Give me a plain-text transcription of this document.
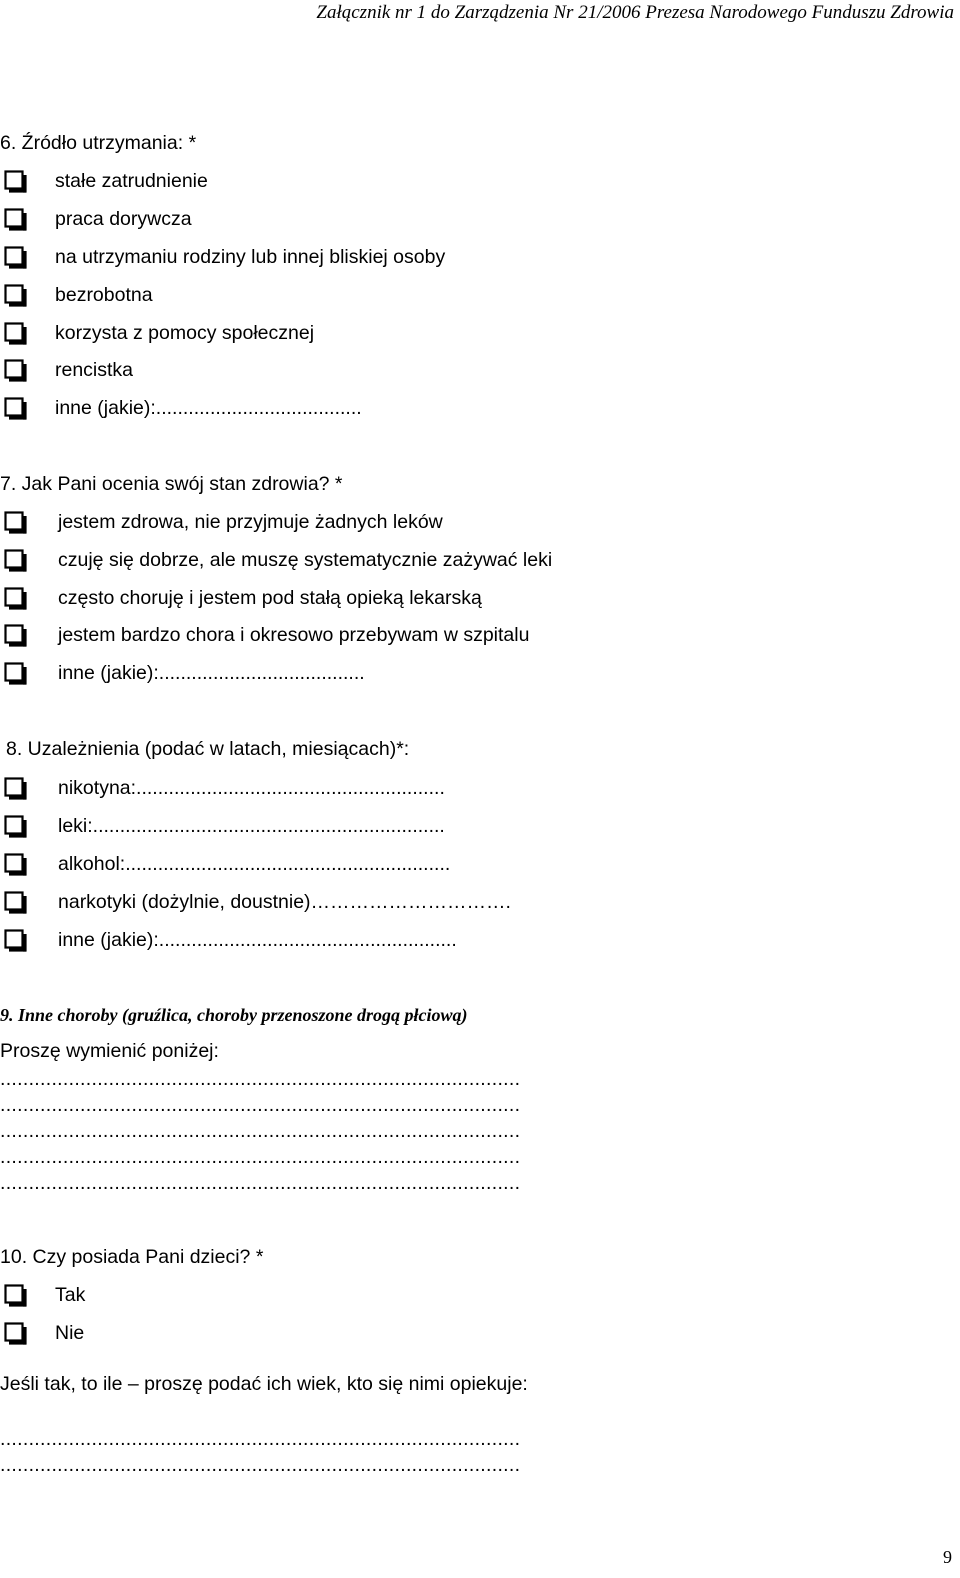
Załącznik nr 1 do Zarządzenia Nr 21/2006 Prezesa Narodowego Funduszu Zdrowia
6. Źródło utrzymania: *
stałe zatrudnienie
praca dorywcza
na utrzymaniu rodziny lub innej bliskiej osoby
bezrobotna
korzysta z pomocy społecznej
rencistka
inne (jakie):......................................
7. Jak Pani ocenia swój stan zdrowia? *
jestem zdrowa, nie przyjmuje żadnych leków
czuję się dobrze, ale muszę systematycznie zażywać leki
często choruję i jestem pod stałą opieką lekarską
jestem bardzo chora i okresowo przebywam w szpitalu
inne (jakie):......................................
8. Uzależnienia (podać w latach, miesiącach)*:
nikotyna:.........................................................
leki:.................................................................
alkohol:............................................................
narkotyki (dożylnie, doustnie)………………………….
inne (jakie):.......................................................
9. Inne choroby (gruźlica, choroby przenoszone drogą płciową)
Proszę wymienić poniżej:
...........................................................................................
...........................................................................................
...........................................................................................
...........................................................................................
...........................................................................................
10. Czy posiada Pani dzieci? *
Tak
Nie
Jeśli tak, to ile – proszę podać ich wiek, kto się nimi opiekuje:
...........................................................................................
...........................................................................................
9
